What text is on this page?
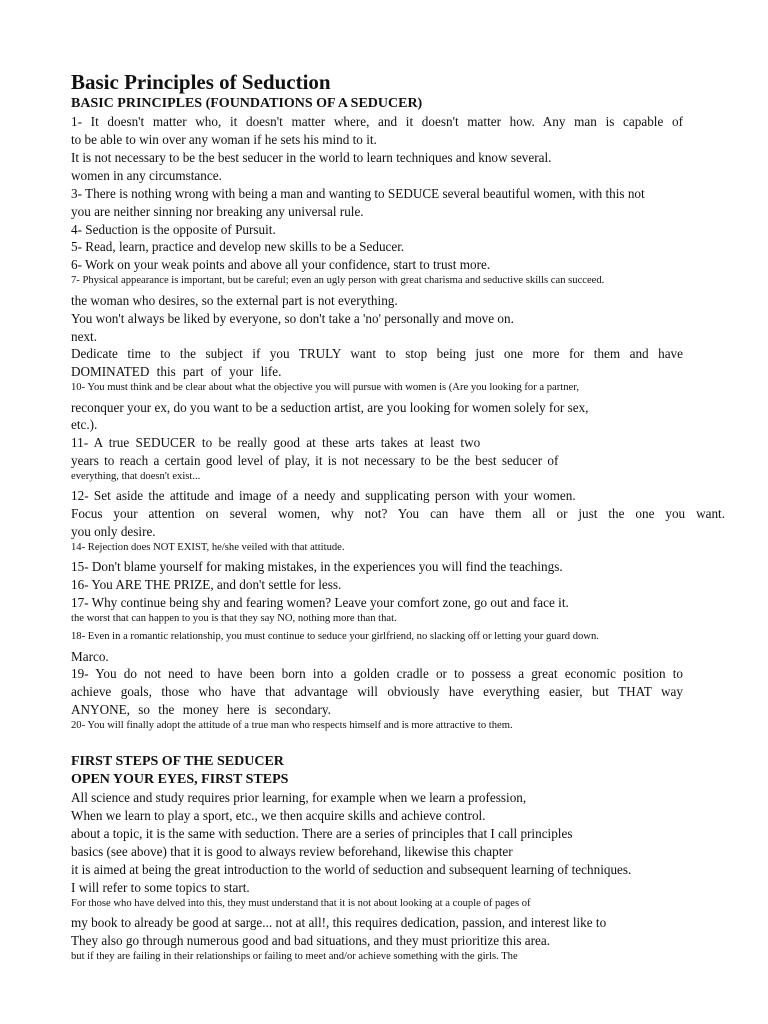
Basic Principles of Seduction
BASIC PRINCIPLES (FOUNDATIONS OF A SEDUCER)
1- It doesn't matter who, it doesn't matter where, and it doesn't matter how. Any man is capable of
to be able to win over any woman if he sets his mind to it.
It is not necessary to be the best seducer in the world to learn techniques and know several.
women in any circumstance.
3- There is nothing wrong with being a man and wanting to SEDUCE several beautiful women, with this not
you are neither sinning nor breaking any universal rule.
4- Seduction is the opposite of Pursuit.
5- Read, learn, practice and develop new skills to be a Seducer.
6- Work on your weak points and above all your confidence, start to trust more.
7- Physical appearance is important, but be careful; even an ugly person with great charisma and seductive skills can succeed.
the woman who desires, so the external part is not everything.
You won't always be liked by everyone, so don't take a 'no' personally and move on.
next.
Dedicate time to the subject if you TRULY want to stop being just one more for them and have
DOMINATED this part of your life.
10- You must think and be clear about what the objective you will pursue with women is (Are you looking for a partner,
reconquer your ex, do you want to be a seduction artist, are you looking for women solely for sex,
etc.).
11- A true SEDUCER to be really good at these arts takes at least two
years to reach a certain good level of play, it is not necessary to be the best seducer of
everything, that doesn't exist...
12- Set aside the attitude and image of a needy and supplicating person with your women.
Focus your attention on several women, why not? You can have them all or just the one you want.
you only desire.
14- Rejection does NOT EXIST, he/she veiled with that attitude.
15- Don't blame yourself for making mistakes, in the experiences you will find the teachings.
16- You ARE THE PRIZE, and don't settle for less.
17- Why continue being shy and fearing women? Leave your comfort zone, go out and face it.
the worst that can happen to you is that they say NO, nothing more than that.
18- Even in a romantic relationship, you must continue to seduce your girlfriend, no slacking off or letting your guard down.
Marco.
19- You do not need to have been born into a golden cradle or to possess a great economic position to
achieve goals, those who have that advantage will obviously have everything easier, but THAT way
ANYONE, so the money here is secondary.
20- You will finally adopt the attitude of a true man who respects himself and is more attractive to them.
FIRST STEPS OF THE SEDUCER
OPEN YOUR EYES, FIRST STEPS
All science and study requires prior learning, for example when we learn a profession,
When we learn to play a sport, etc., we then acquire skills and achieve control.
about a topic, it is the same with seduction. There are a series of principles that I call principles
basics (see above) that it is good to always review beforehand, likewise this chapter
it is aimed at being the great introduction to the world of seduction and subsequent learning of techniques.
I will refer to some topics to start.
For those who have delved into this, they must understand that it is not about looking at a couple of pages of
my book to already be good at sarge... not at all!, this requires dedication, passion, and interest like to
They also go through numerous good and bad situations, and they must prioritize this area.
but if they are failing in their relationships or failing to meet and/or achieve something with the girls. The
